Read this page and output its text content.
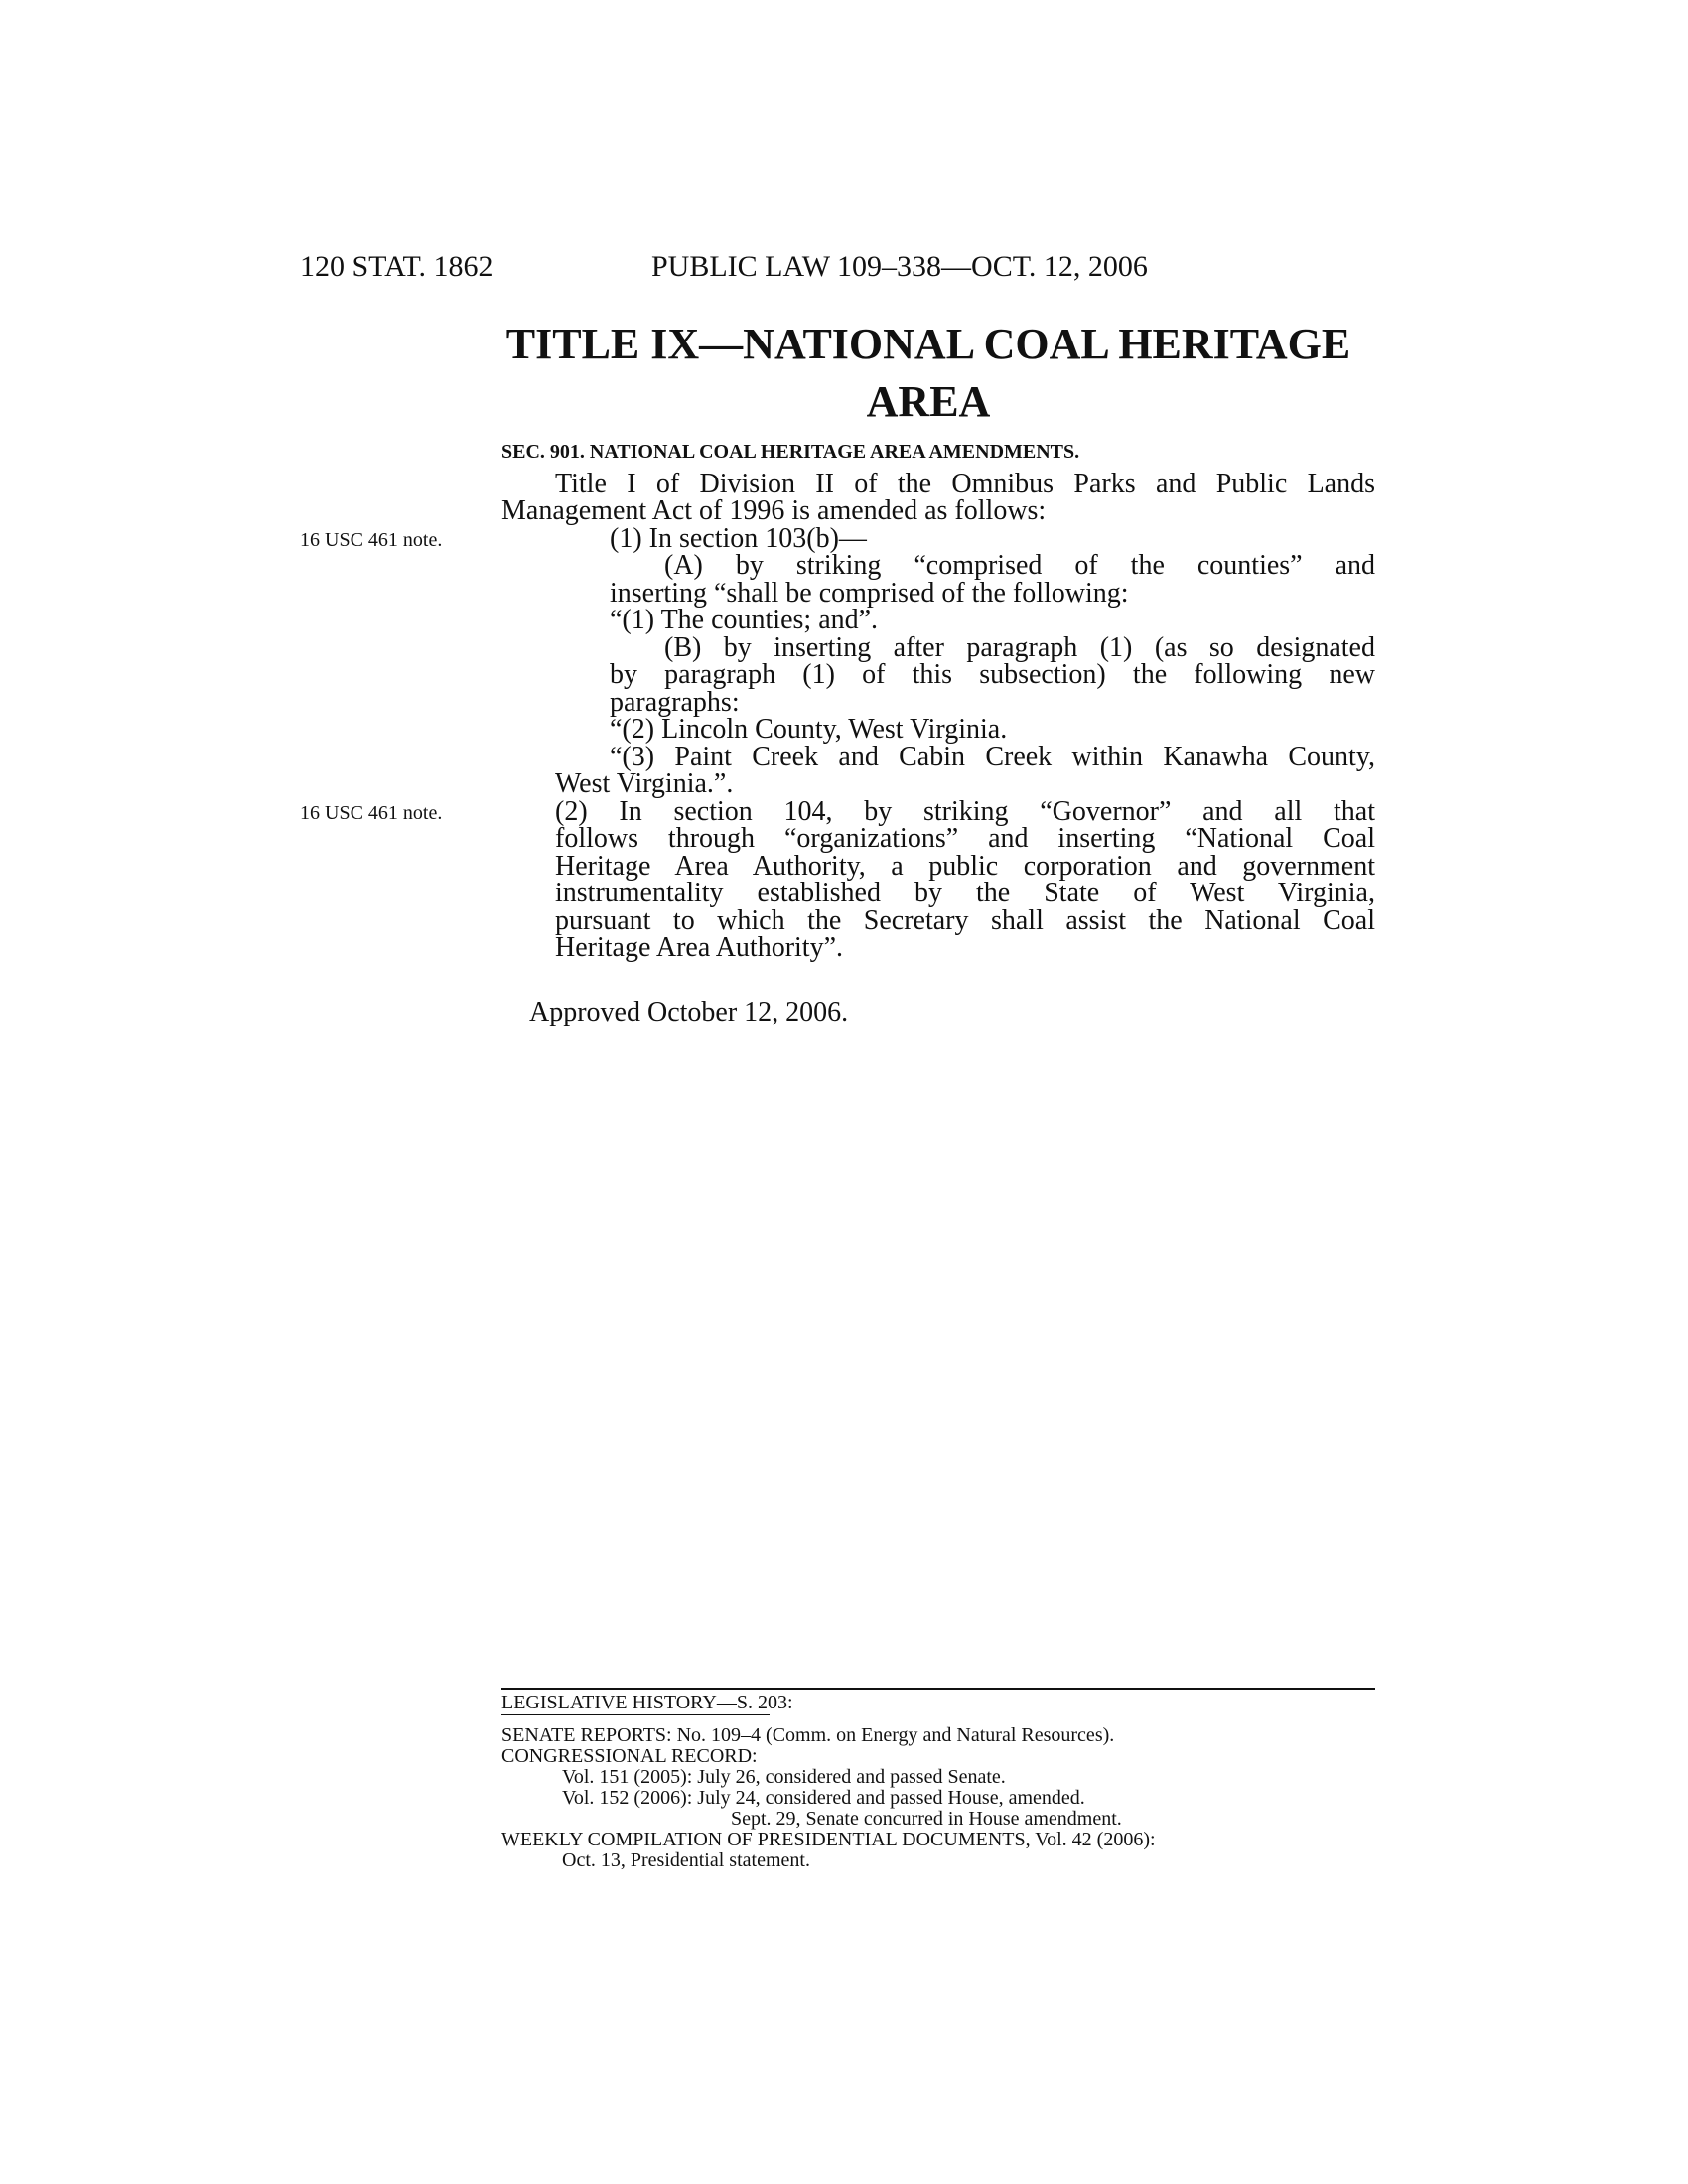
120 STAT. 1862	PUBLIC LAW 109–338—OCT. 12, 2006
TITLE IX—NATIONAL COAL HERITAGE
AREA
SEC. 901. NATIONAL COAL HERITAGE AREA AMENDMENTS.
Title I of Division II of the Omnibus Parks and Public Lands
Management Act of 1996 is amended as follows:
(1) In section 103(b)—
(A) by striking “comprised of the counties” and
inserting “shall be comprised of the following:
“(1) The counties; and”.
(B) by inserting after paragraph (1) (as so designated
by paragraph (1) of this subsection) the following new
paragraphs:
“(2) Lincoln County, West Virginia.
“(3) Paint Creek and Cabin Creek within Kanawha County,
West Virginia.”.
(2) In section 104, by striking “Governor” and all that
follows through “organizations” and inserting “National Coal
Heritage Area Authority, a public corporation and government
instrumentality established by the State of West Virginia,
pursuant to which the Secretary shall assist the National Coal
Heritage Area Authority”.
16 USC 461 note.
16 USC 461 note.
Approved October 12, 2006.
LEGISLATIVE HISTORY—S. 203:
SENATE REPORTS: No. 109–4 (Comm. on Energy and Natural Resources).
CONGRESSIONAL RECORD:
Vol. 151 (2005): July 26, considered and passed Senate.
Vol. 152 (2006): July 24, considered and passed House, amended.
Sept. 29, Senate concurred in House amendment.
WEEKLY COMPILATION OF PRESIDENTIAL DOCUMENTS, Vol. 42 (2006):
Oct. 13, Presidential statement.
